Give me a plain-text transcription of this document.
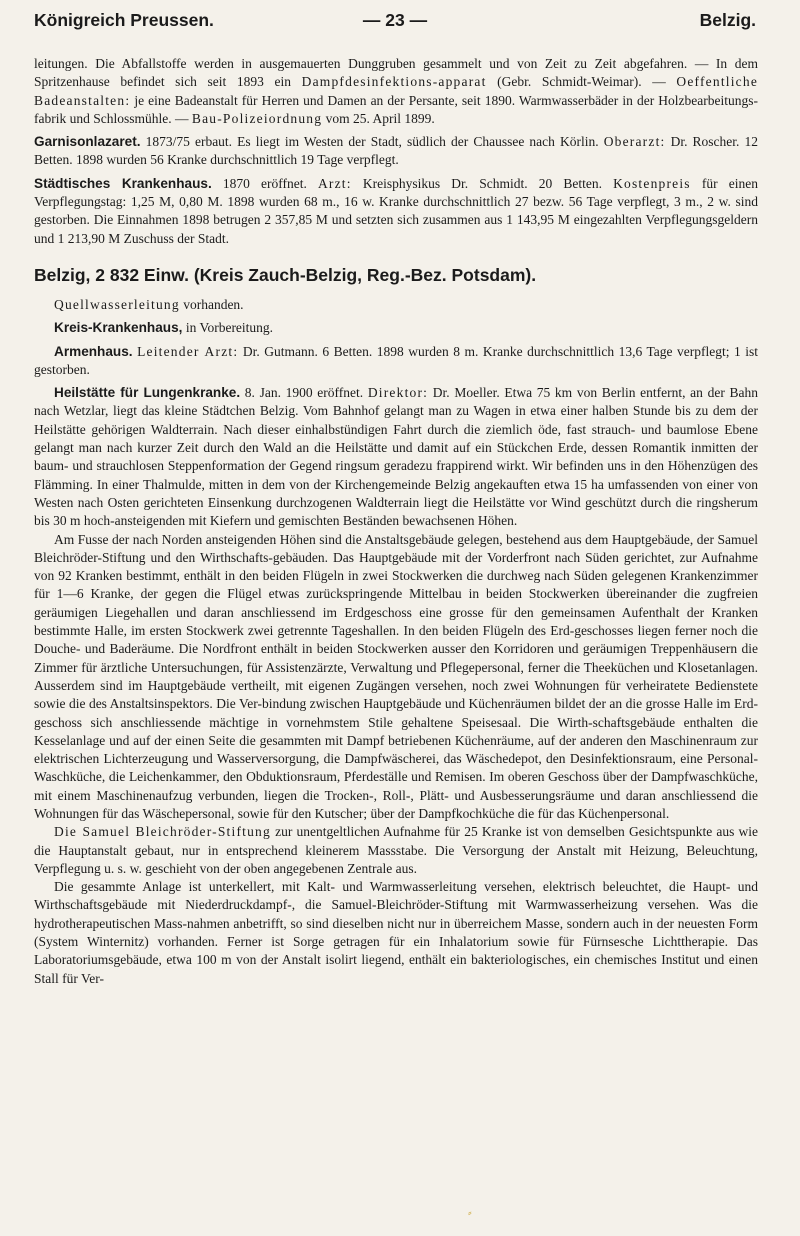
Königreich Preussen.	— 23 —	Belzig.

leitungen. Die Abfallstoffe werden in ausgemauerten Dunggruben gesammelt und von Zeit zu Zeit abgefahren. — In dem Spritzenhause befindet sich seit 1893 ein Dampfdesinfektions-apparat (Gebr. Schmidt-Weimar). — Oeffentliche Badeanstalten: je eine Badeanstalt für Herren und Damen an der Persante, seit 1890. Warmwasserbäder in der Holzbearbeitungs-fabrik und Schlossmühle. — Bau-Polizeiordnung vom 25. April 1899.

Garnisonlazaret. 1873/75 erbaut. Es liegt im Westen der Stadt, südlich der Chaussee nach Körlin. Oberarzt: Dr. Roscher. 12 Betten. 1898 wurden 56 Kranke durchschnittlich 19 Tage verpflegt.

Städtisches Krankenhaus. 1870 eröffnet. Arzt: Kreisphysikus Dr. Schmidt. 20 Betten. Kostenpreis für einen Verpflegungstag: 1,25 M, 0,80 M. 1898 wurden 68 m., 16 w. Kranke durchschnittlich 27 bezw. 56 Tage verpflegt, 3 m., 2 w. sind gestorben. Die Einnahmen 1898 betrugen 2 357,85 M und setzten sich zusammen aus 1 143,95 M eingezahlten Verpflegungsgeldern und 1 213,90 M Zuschuss der Stadt.

Belzig, 2 832 Einw. (Kreis Zauch-Belzig, Reg.-Bez. Potsdam).

Quellwasserleitung vorhanden.

Kreis-Krankenhaus, in Vorbereitung.

Armenhaus. Leitender Arzt: Dr. Gutmann. 6 Betten. 1898 wurden 8 m. Kranke durchschnittlich 13,6 Tage verpflegt; 1 ist gestorben.

Heilstätte für Lungenkranke. 8. Jan. 1900 eröffnet. Direktor: Dr. Moeller. Etwa 75 km von Berlin entfernt, an der Bahn nach Wetzlar, liegt das kleine Städtchen Belzig. Vom Bahnhof gelangt man zu Wagen in etwa einer halben Stunde bis zu dem der Heilstätte gehörigen Waldterrain. Nach dieser einhalbstündigen Fahrt durch die ziemlich öde, fast strauch- und baumlose Ebene gelangt man nach kurzer Zeit durch den Wald an die Heilstätte und damit auf ein Stückchen Erde, dessen Romantik inmitten der baum- und strauchlosen Steppenformation der Gegend ringsum geradezu frappirend wirkt. Wir befinden uns in den Höhenzügen des Flämming. In einer Thalmulde, mitten in dem von der Kirchengemeinde Belzig angekauften etwa 15 ha umfassenden von einer von Westen nach Osten gerichteten Einsenkung durchzogenen Waldterrain liegt die Heilstätte vor Wind geschützt durch die ringsherum bis 30 m hoch-ansteigenden mit Kiefern und gemischten Beständen bewachsenen Höhen.

Am Fusse der nach Norden ansteigenden Höhen sind die Anstaltsgebäude gelegen, bestehend aus dem Hauptgebäude, der Samuel Bleichröder-Stiftung und den Wirthschafts-gebäuden. Das Hauptgebäude mit der Vorderfront nach Süden gerichtet, zur Aufnahme von 92 Kranken bestimmt, enthält in den beiden Flügeln in zwei Stockwerken die durchweg nach Süden gelegenen Krankenzimmer für 1—6 Kranke, der gegen die Flügel etwas zurückspringende Mittelbau in beiden Stockwerken übereinander die zugfreien geräumigen Liegehallen und daran anschliessend im Erdgeschoss eine grosse für den gemeinsamen Aufenthalt der Kranken bestimmte Halle, im ersten Stockwerk zwei getrennte Tageshallen. In den beiden Flügeln des Erd-geschosses liegen ferner noch die Douche- und Baderäume. Die Nordfront enthält in beiden Stockwerken ausser den Korridoren und geräumigen Treppenhäusern die Zimmer für ärztliche Untersuchungen, für Assistenzärzte, Verwaltung und Pflegepersonal, ferner die Theeküchen und Klosetanlagen. Ausserdem sind im Hauptgebäude vertheilt, mit eigenen Zugängen versehen, noch zwei Wohnungen für verheiratete Bedienstete sowie die des Anstaltsinspektors. Die Ver-bindung zwischen Hauptgebäude und Küchenräumen bildet der an die grosse Halle im Erd-geschoss sich anschliessende mächtige in vornehmstem Stile gehaltene Speisesaal. Die Wirth-schaftsgebäude enthalten die Kesselanlage und auf der einen Seite die gesammten mit Dampf betriebenen Küchenräume, auf der anderen den Maschinenraum zur elektrischen Lichterzeugung und Wasserversorgung, die Dampfwäscherei, das Wäschedepot, den Desinfektionsraum, eine Personal-Waschküche, die Leichenkammer, den Obduktionsraum, Pferdeställe und Remisen. Im oberen Geschoss über der Dampfwaschküche, mit einem Maschinenaufzug verbunden, liegen die Trocken-, Roll-, Plätt- und Ausbesserungsräume und daran anschliessend die Wohnungen für das Wäschepersonal, sowie für den Kutscher; über der Dampfkochküche die für das Küchenpersonal.

Die Samuel Bleichröder-Stiftung zur unentgeltlichen Aufnahme für 25 Kranke ist von demselben Gesichtspunkte aus wie die Hauptanstalt gebaut, nur in entsprechend kleinerem Massstabe. Die Versorgung der Anstalt mit Heizung, Beleuchtung, Verpflegung u. s. w. geschieht von der oben angegebenen Zentrale aus.

Die gesammte Anlage ist unterkellert, mit Kalt- und Warmwasserleitung versehen, elektrisch beleuchtet, die Haupt- und Wirthschaftsgebäude mit Niederdruckdampf-, die Samuel-Bleichröder-Stiftung mit Warmwasserheizung versehen. Was die hydrotherapeutischen Mass-nahmen anbetrifft, so sind dieselben nicht nur in überreichem Masse, sondern auch in der neuesten Form (System Winternitz) vorhanden. Ferner ist Sorge getragen für ein Inhalatorium sowie für Fürnsesche Lichttherapie. Das Laboratoriumsgebäude, etwa 100 m von der Anstalt isolirt liegend, enthält ein bakteriologisches, ein chemisches Institut und einen Stall für Ver-

⸗
